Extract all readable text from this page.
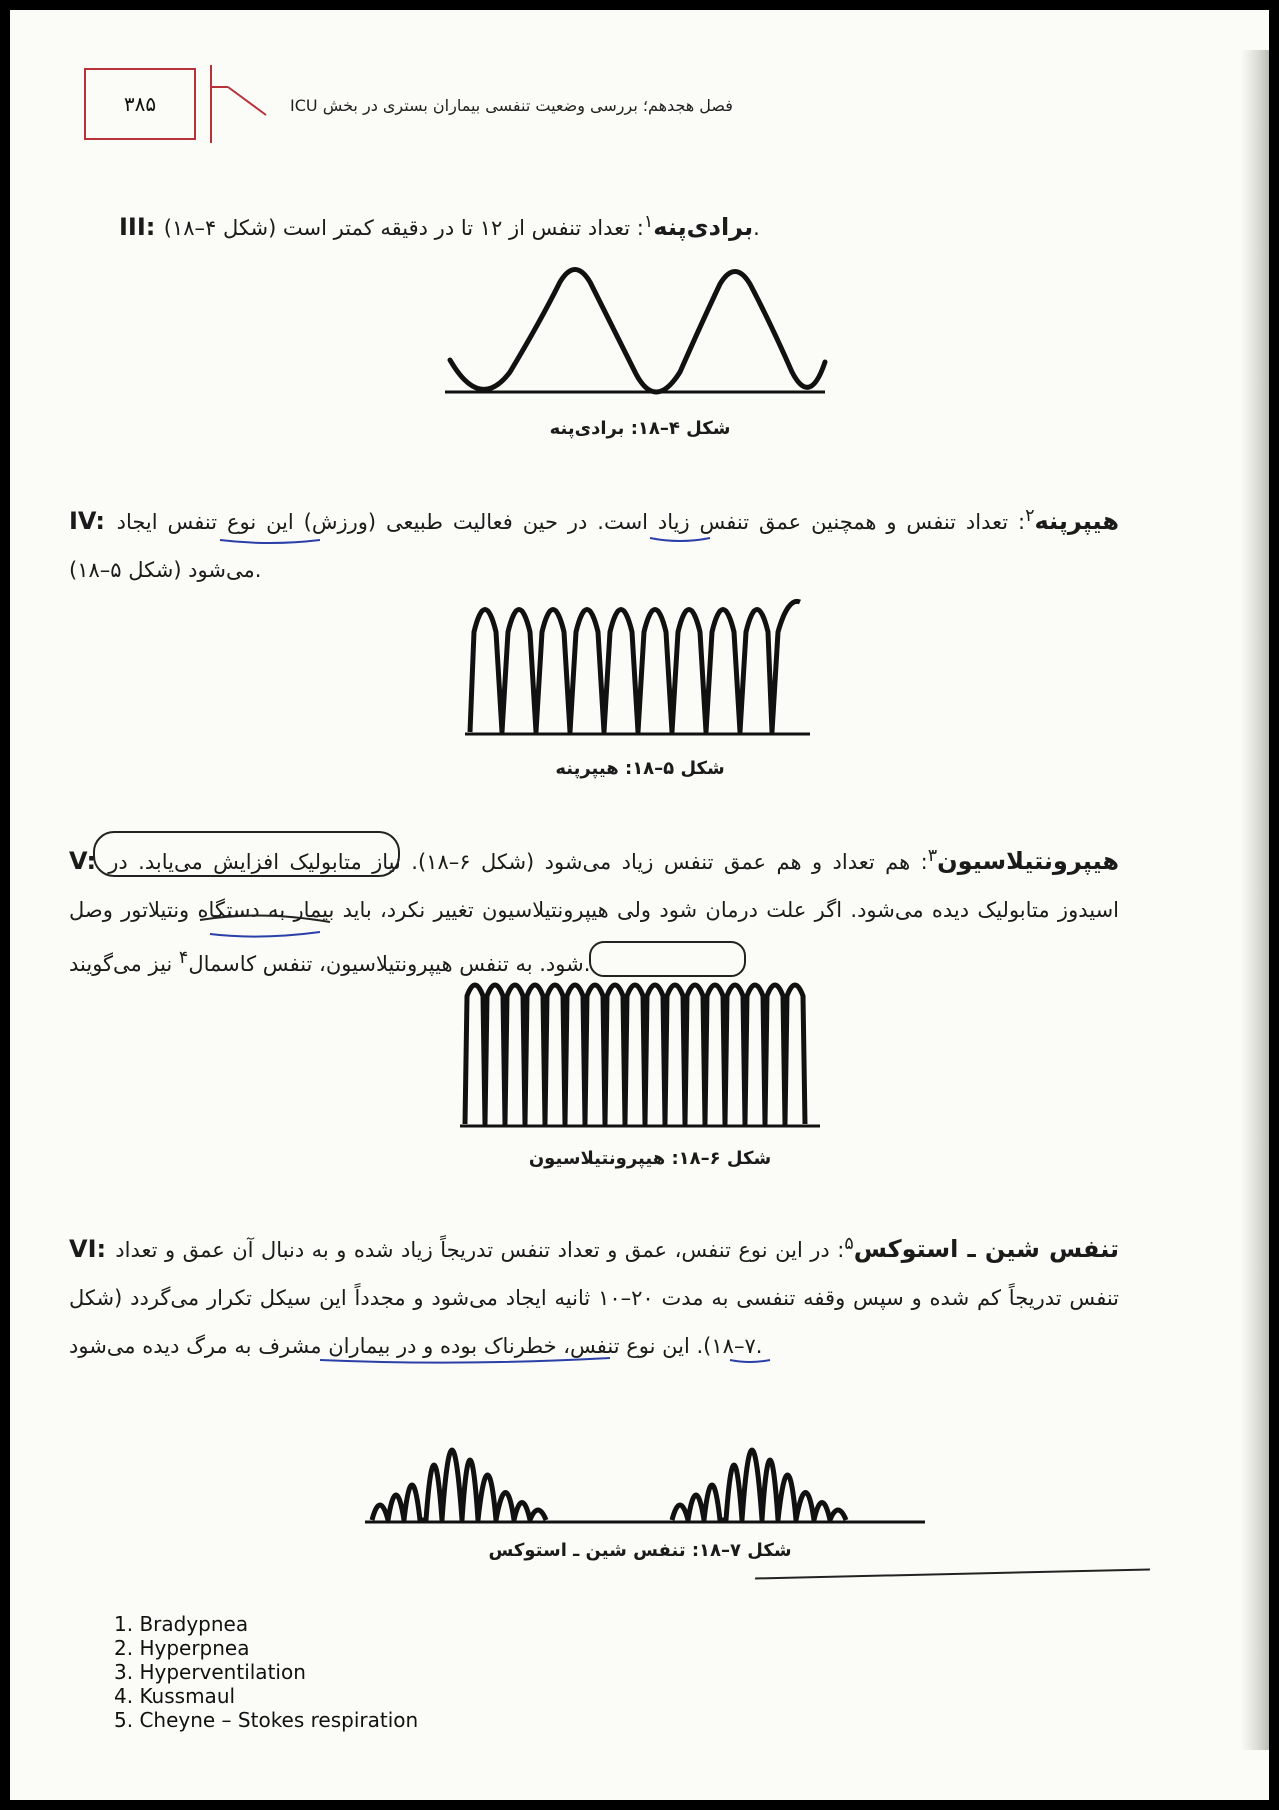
۳۸۵	فصل هجدهم؛ بررسی وضعیت تنفسی بیماران بستری در بخش ICU
III: برادی‌پنه$^۱$: تعداد تنفس از ۱۲ تا در دقیقه کمتر است (شکل ۴–۱۸).
شکل ۴–۱۸: برادی‌پنه
IV: هیپرپنه$^۲$: تعداد تنفس و همچنین عمق تنفس زیاد است. در حین فعالیت طبیعی (ورزش) این نوع تنفس ایجاد می‌شود (شکل ۵–۱۸).
شکل ۵–۱۸: هیپرپنه
V: هیپرونتیلاسیون$^۳$: هم تعداد و هم عمق تنفس زیاد می‌شود (شکل ۶–۱۸). نیاز متابولیک افزایش می‌یابد. در اسیدوز متابولیک دیده می‌شود. اگر علت درمان شود ولی هیپرونتیلاسیون تغییر نکرد، باید بیمار به دستگاه ونتیلاتور وصل شود. به تنفس هیپرونتیلاسیون، تنفس کاسمال$^۴$ نیز می‌گویند.
شکل ۶–۱۸: هیپرونتیلاسیون
VI: تنفس شین ـ استوکس$^۵$: در این نوع تنفس، عمق و تعداد تنفس تدریجاً زیاد شده و به دنبال آن عمق و تعداد تنفس تدریجاً کم شده و سپس وقفه تنفسی به مدت ۲۰–۱۰ ثانیه ایجاد می‌شود و مجدداً این سیکل تکرار می‌گردد (شکل ۷–۱۸). این نوع تنفس، خطرناک بوده و در بیماران مشرف به مرگ دیده می‌شود.
شکل ۷–۱۸: تنفس شین ـ استوکس
1. Bradypnea
2. Hyperpnea
3. Hyperventilation
4. Kussmaul
5. Cheyne – Stokes respiration
